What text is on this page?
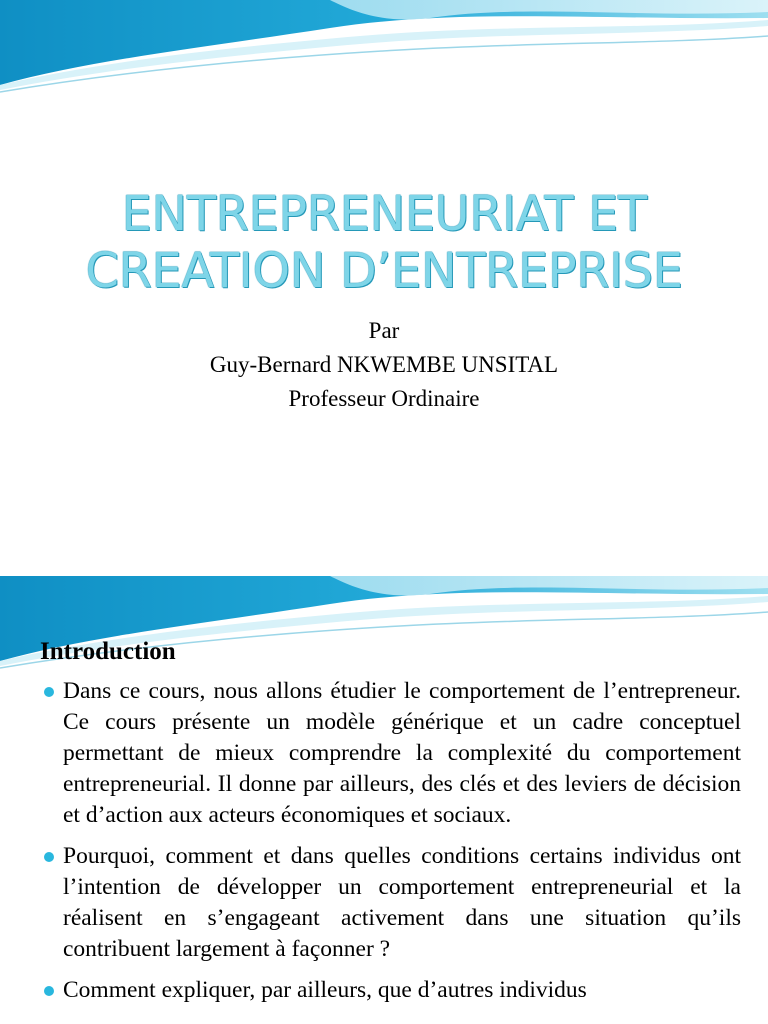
ENTREPRENEURIAT ET
CREATION D’ENTREPRISE
Par
Guy-Bernard NKWEMBE UNSITAL
Professeur Ordinaire
Introduction
Dans ce cours, nous allons étudier le comportement de l’entrepreneur. Ce cours présente un modèle générique et un cadre conceptuel permettant de mieux comprendre la complexité du comportement entrepreneurial. Il donne par ailleurs, des clés et des leviers de décision et d’action aux acteurs économiques et sociaux.
Pourquoi, comment et dans quelles conditions certains individus ont l’intention de développer un comportement entrepreneurial et la réalisent en s’engageant activement dans une situation qu’ils contribuent largement à façonner ?
Comment expliquer, par ailleurs, que d’autres individus
